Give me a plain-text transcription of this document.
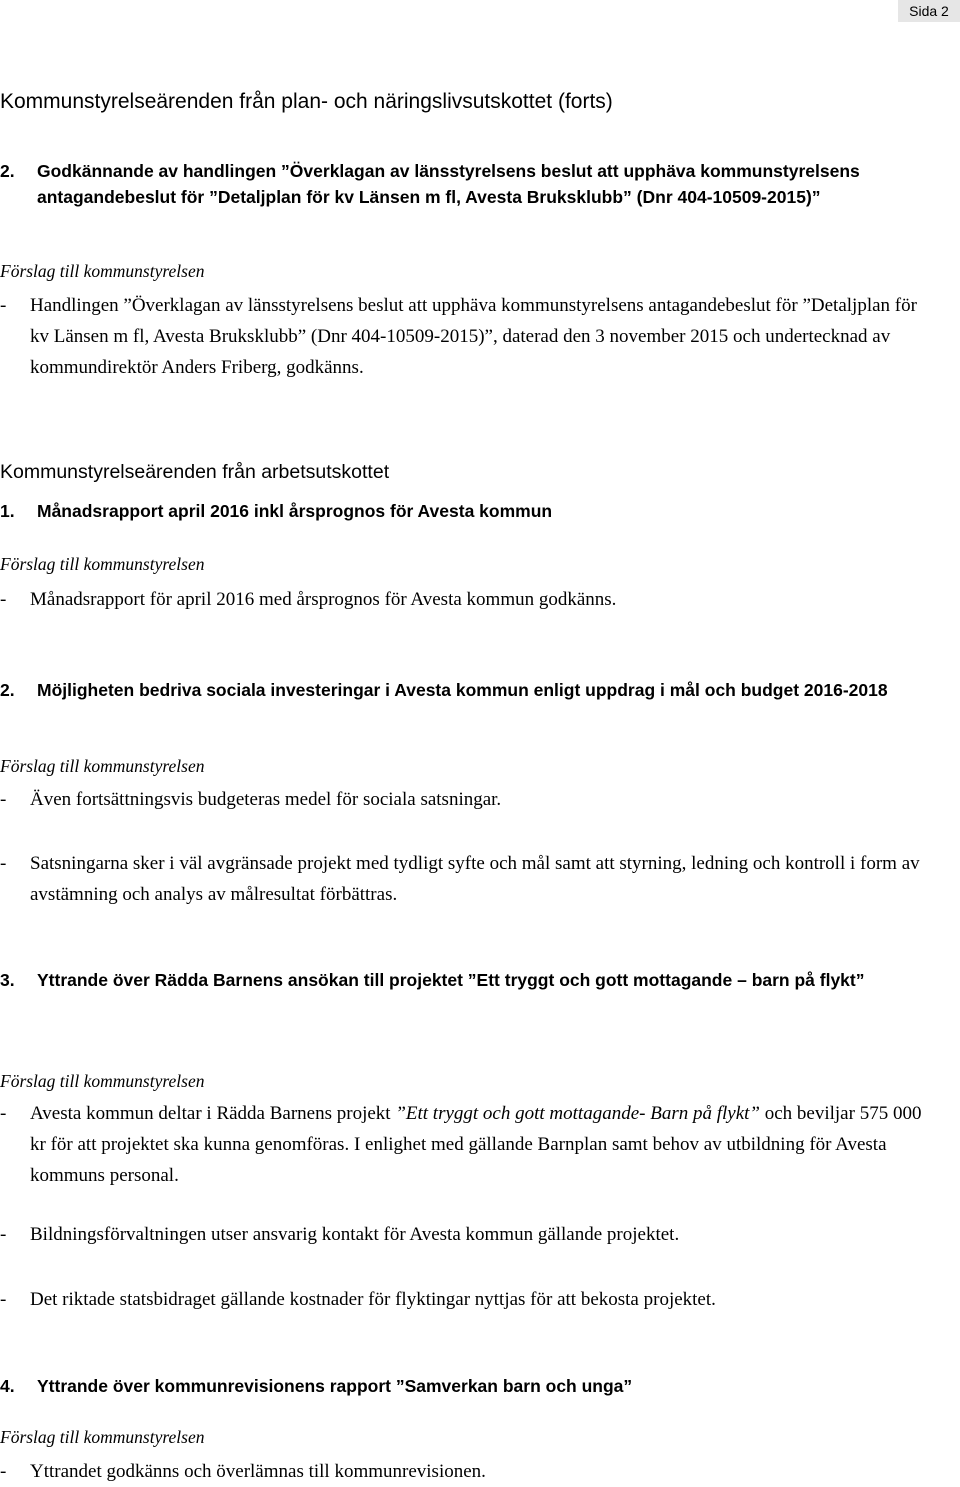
Sida 2
Kommunstyrelseärenden från plan- och näringslivsutskottet (forts)
2.	Godkännande av handlingen ”Överklagan av länsstyrelsens beslut att upphäva kommunstyrelsens antagandebeslut för ”Detaljplan för kv Länsen m fl, Avesta Bruksklubb” (Dnr 404-10509-2015)”

Förslag till kommunstyrelsen

-	Handlingen ”Överklagan av länsstyrelsens beslut att upphäva kommunstyrelsens antagandebeslut för ”Detaljplan för kv Länsen m fl, Avesta Bruksklubb” (Dnr 404-10509-2015)”, daterad den 3 november 2015 och undertecknad av kommundirektör Anders Friberg, godkänns.
Kommunstyrelseärenden från arbetsutskottet
1.	Månadsrapport april 2016 inkl årsprognos för Avesta kommun

Förslag till kommunstyrelsen

-	Månadsrapport för april 2016 med årsprognos för Avesta kommun godkänns.
2.	Möjligheten bedriva sociala investeringar i Avesta kommun enligt uppdrag i mål och budget 2016-2018

Förslag till kommunstyrelsen

-	Även fortsättningsvis budgeteras medel för sociala satsningar.
-	Satsningarna sker i väl avgränsade projekt med tydligt syfte och mål samt att styrning, ledning och kontroll i form av avstämning och analys av målresultat förbättras.
3.	Yttrande över Rädda Barnens ansökan till projektet ”Ett tryggt och gott mottagande – barn på flykt”

Förslag till kommunstyrelsen

-	Avesta kommun deltar i Rädda Barnens projekt ”Ett tryggt och gott mottagande- Barn på flykt” och beviljar 575 000 kr för att projektet ska kunna genomföras. I enlighet med gällande Barnplan samt behov av utbildning för Avesta kommuns personal.
-	Bildningsförvaltningen utser ansvarig kontakt för Avesta kommun gällande projektet.
-	Det riktade statsbidraget gällande kostnader för flyktingar nyttjas för att bekosta projektet.
4.	Yttrande över kommunrevisionens rapport ”Samverkan barn och unga”

Förslag till kommunstyrelsen

-	Yttrandet godkänns och överlämnas till kommunrevisionen.
